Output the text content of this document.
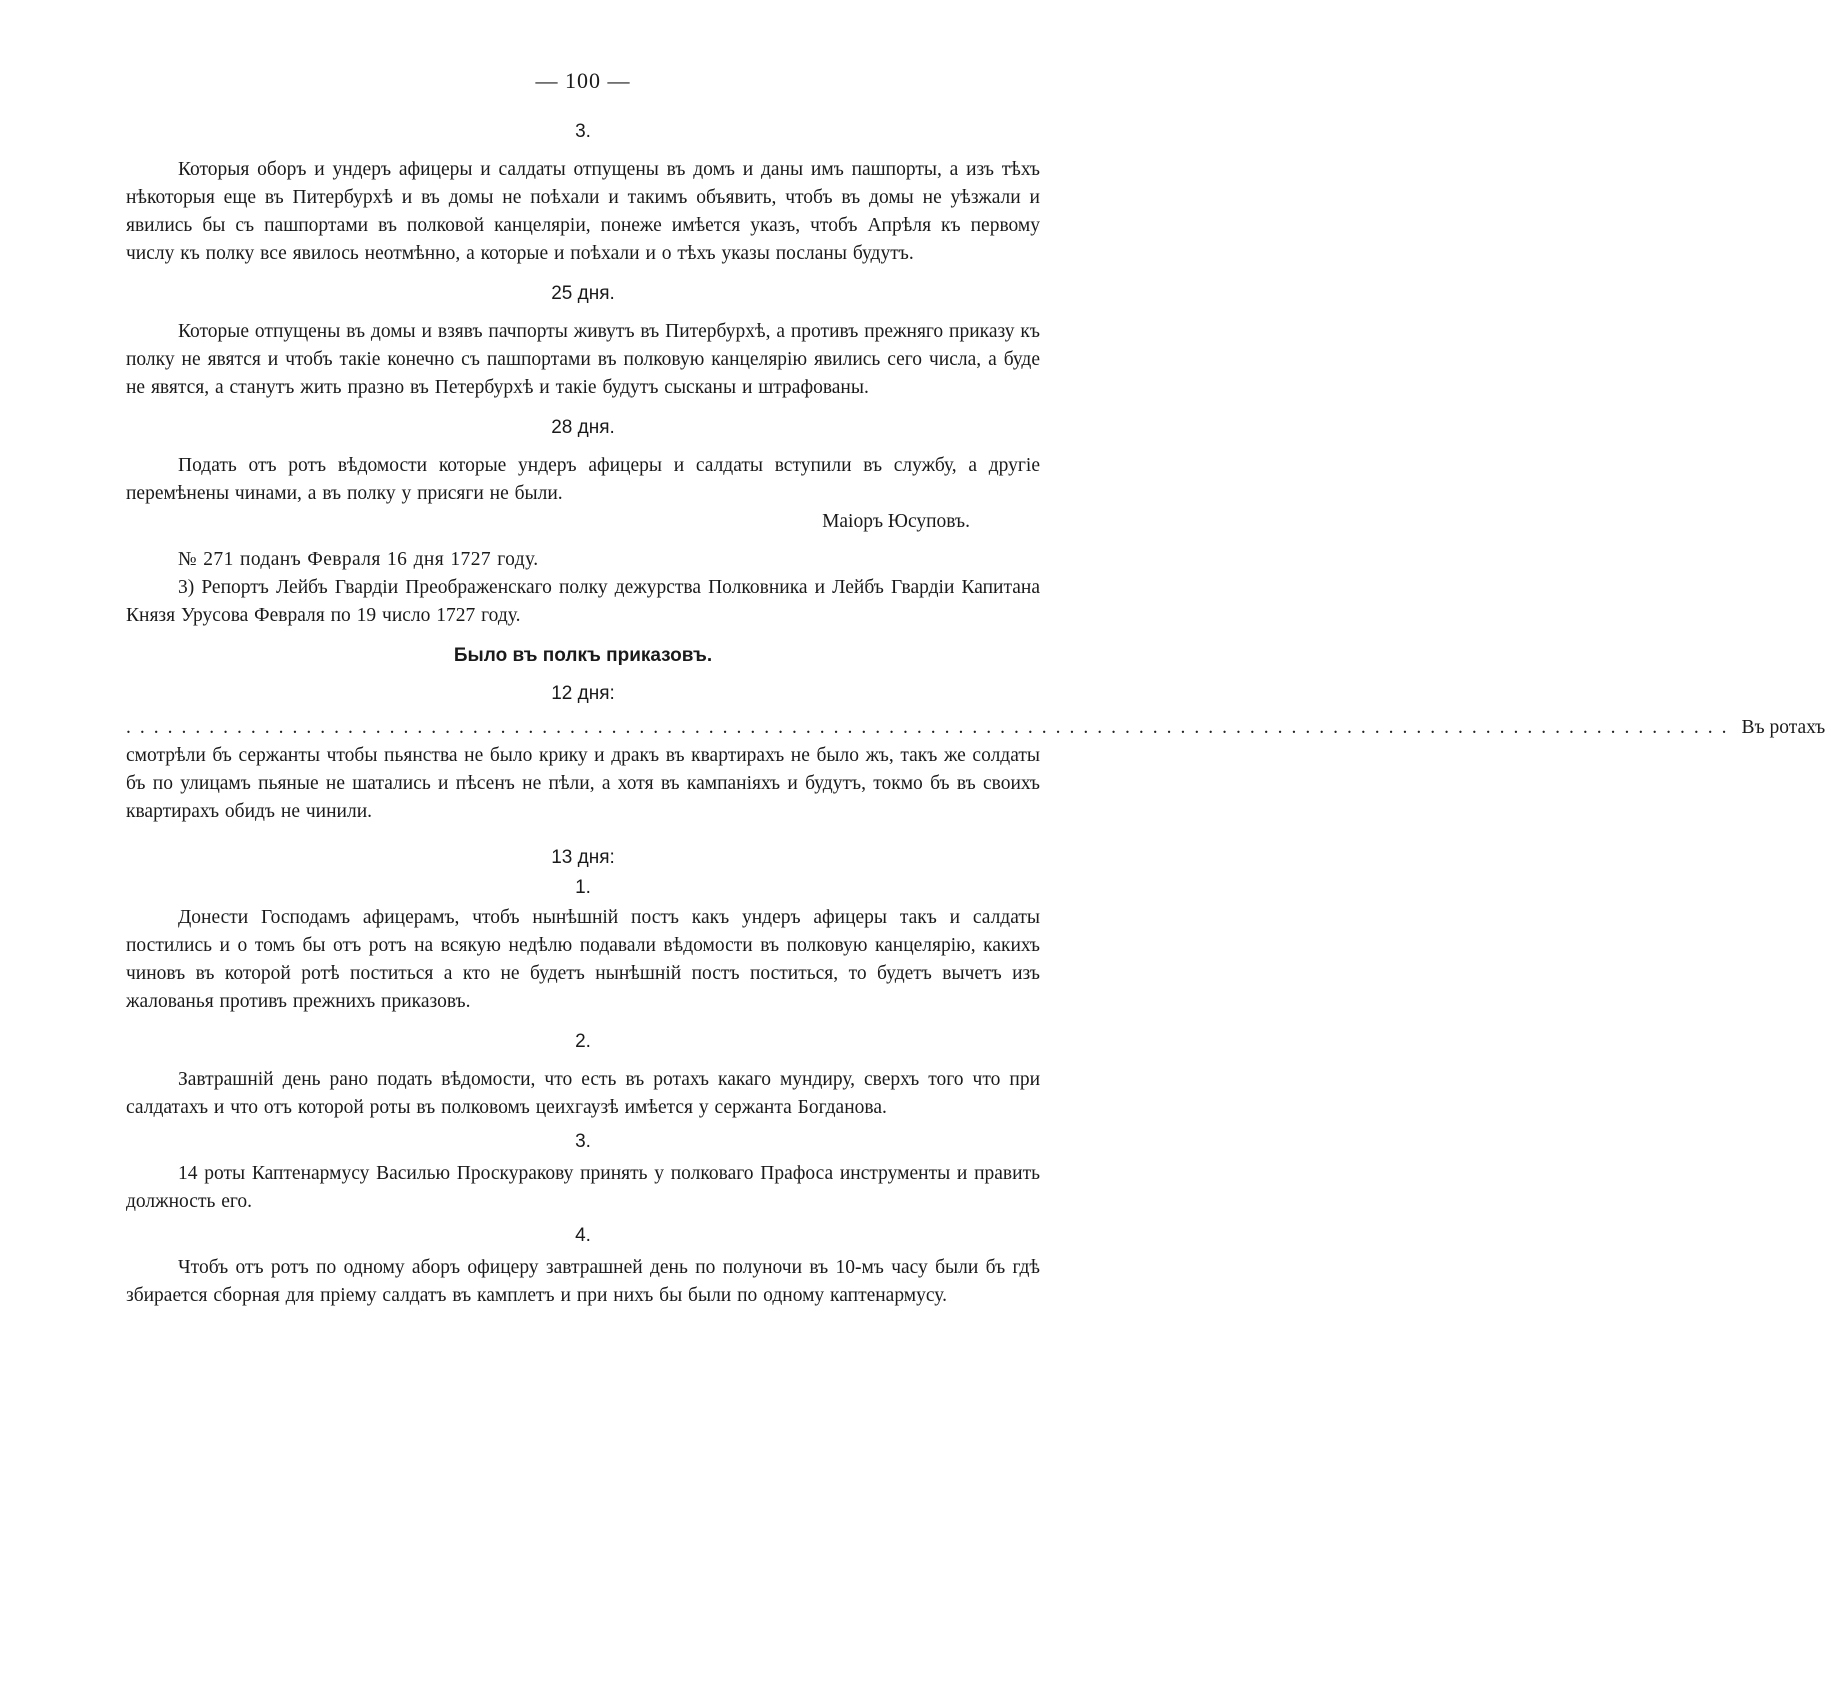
— 100 —
3.

Которыя оборъ и ундеръ афицеры и салдаты отпущены въ домъ и даны имъ пашпорты, а изъ тѣхъ нѣкоторыя еще въ Питербурхѣ и въ домы не поѣхали и такимъ объявить, чтобъ въ домы не уѣзжали и явились бы съ пашпортами въ полковой канцеляріи, понеже имѣется указъ, чтобъ Апрѣля къ первому числу къ полку все явилось неотмѣнно, а которые и поѣхали и о тѣхъ указы посланы будутъ.

25 дня.

Которые отпущены въ домы и взявъ пачпорты живутъ въ Питербурхѣ, а противъ прежняго приказу къ полку не явятся и чтобъ такіе конечно съ пашпортами въ полковую канцелярію явились сего числа, а буде не явятся, а станутъ жить празно въ Петербурхѣ и такіе будутъ сысканы и штрафованы.

28 дня.

Подать отъ ротъ вѣдомости которые ундеръ афицеры и салдаты вступили въ службу, а другіе перемѣнены чинами, а въ полку у присяги не были.

Маіоръ Юсуповъ.

№ 271 поданъ Февраля 16 дня 1727 году.

3) Репортъ Лейбъ Гвардіи Преображенскаго полку дежурства Полковника и Лейбъ Гвардіи Капитана Князя Урусова Февраля по 19 число 1727 году.

Было въ полкъ приказовъ.
12 дня:
.................................................................................................................... Въ ротахъ

смотрѣли бъ сержанты чтобы пьянства не было крику и дракъ въ квартирахъ не было жъ, такъ же солдаты бъ по улицамъ пьяные не шатались и пѣсенъ не пѣли, а хотя въ кампаніяхъ и будутъ, токмо бъ въ своихъ квартирахъ обидъ не чинили.

13 дня:
1.

Донести Господамъ афицерамъ, чтобъ нынѣшній постъ какъ ундеръ афицеры такъ и салдаты постились и о томъ бы отъ ротъ на всякую недѣлю подавали вѣдомости въ полковую канцелярію, какихъ чиновъ въ которой ротѣ поститься а кто не будетъ нынѣшній постъ поститься, то будетъ вычетъ изъ жалованья противъ прежнихъ приказовъ.

2.

Завтрашній день рано подать вѣдомости, что есть въ ротахъ какаго мундиру, сверхъ того что при салдатахъ и что отъ которой роты въ полковомъ цеихгаузѣ имѣется у сержанта Богданова.

3.

14 роты Каптенармусу Василью Проскуракову принять у полковаго Прафоса инструменты и править должность его.

4.

Чтобъ отъ ротъ по одному аборъ офицеру завтрашней день по полуночи въ 10-мъ часу были бъ гдѣ збирается сборная для пріему салдатъ въ камплетъ и при нихъ бы были по одному каптенармусу.
